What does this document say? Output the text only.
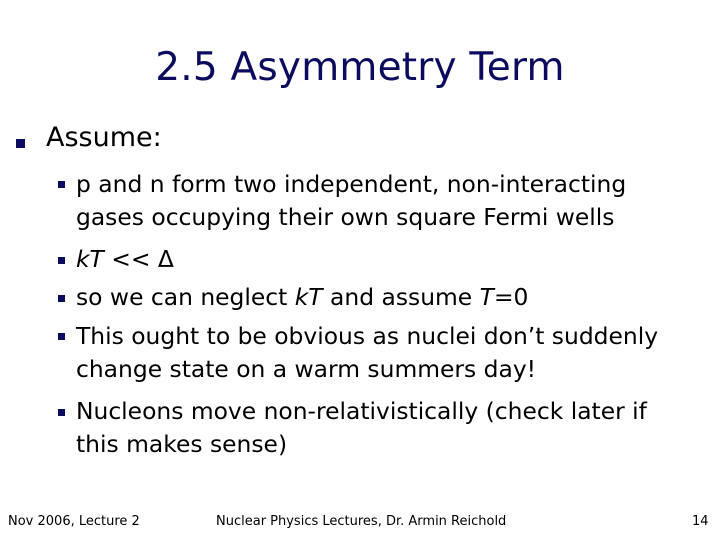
2.5 Asymmetry Term
Assume:
p and n form two independent, non-interacting
gases occupying their own square Fermi wells
kT << Δ
so we can neglect kT and assume T=0
This ought to be obvious as nuclei don’t suddenly
change state on a warm summers day!
Nucleons move non-relativistically (check later if
this makes sense)
Nov 2006, Lecture 2	Nuclear Physics Lectures, Dr. Armin Reichold	14
